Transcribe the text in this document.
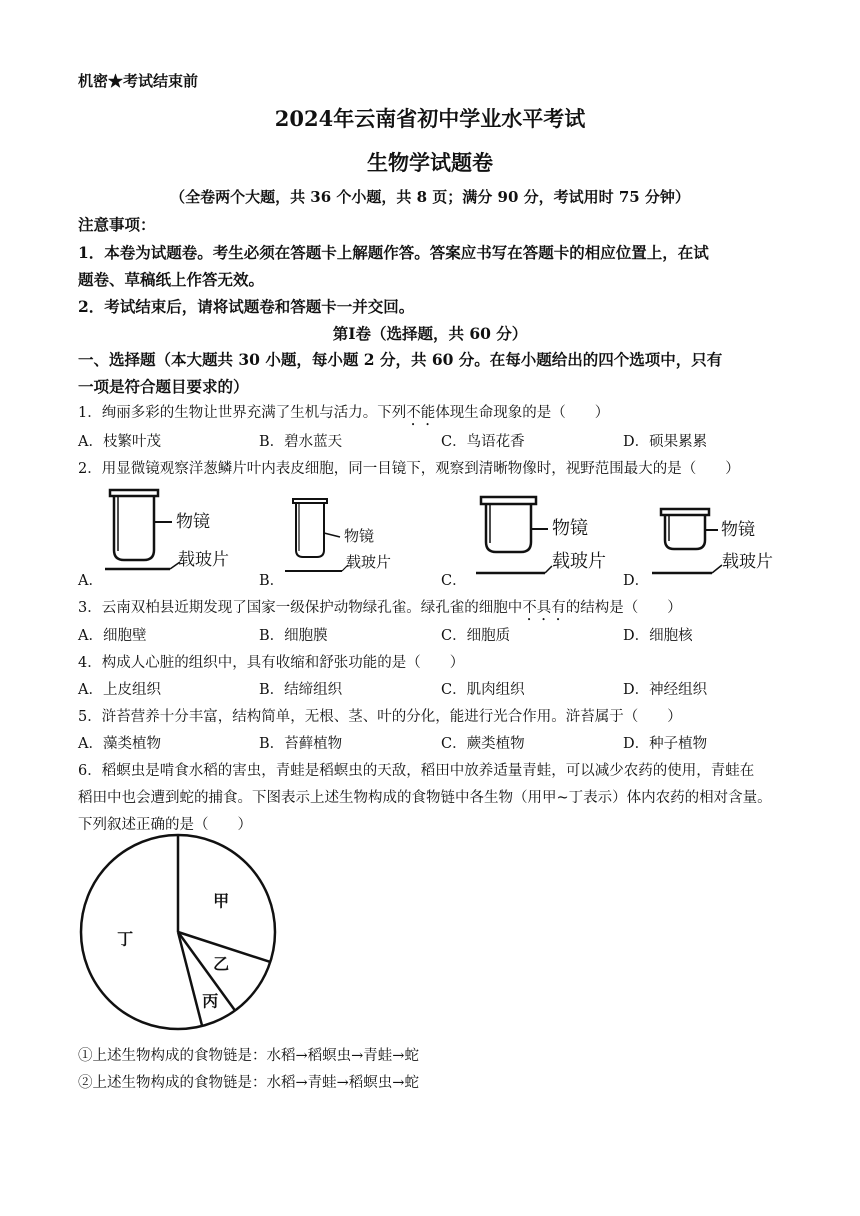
机密★考试结束前
2024年云南省初中学业水平考试
生物学试题卷
（全卷两个大题，共 36 个小题，共 8 页；满分 90 分，考试用时 75 分钟）
注意事项：
1．本卷为试题卷。考生必须在答题卡上解题作答。答案应书写在答题卡的相应位置上，在试
题卷、草稿纸上作答无效。
2．考试结束后，请将试题卷和答题卡一并交回。
第Ⅰ卷（选择题，共 60 分）
一、选择题（本大题共 30 小题，每小题 2 分，共 60 分。在每小题给出的四个选项中，只有
一项是符合题目要求的）
1．绚丽多彩的生物让世界充满了生机与活力。下列不能体现生命现象的是（　　）
A．枝繁叶茂	B．碧水蓝天	C．鸟语花香	D．硕果累累
2．用显微镜观察洋葱鳞片叶内表皮细胞，同一目镜下，观察到清晰物像时，视野范围最大的是（　　）
物镜
载玻片
物镜
载玻片
物镜
载玻片
物镜
载玻片
A．	B．	C．	D．
3．云南双柏县近期发现了国家一级保护动物绿孔雀。绿孔雀的细胞中不具有的结构是（　　）
A．细胞壁	B．细胞膜	C．细胞质	D．细胞核
4．构成人心脏的组织中，具有收缩和舒张功能的是（　　）
A．上皮组织	B．结缔组织	C．肌肉组织	D．神经组织
5．浒苔营养十分丰富，结构简单，无根、茎、叶的分化，能进行光合作用。浒苔属于（　　）
A．藻类植物	B．苔藓植物	C．蕨类植物	D．种子植物
6．稻螟虫是啃食水稻的害虫，青蛙是稻螟虫的天敌，稻田中放养适量青蛙，可以减少农药的使用，青蛙在
稻田中也会遭到蛇的捕食。下图表示上述生物构成的食物链中各生物（用甲~丁表示）体内农药的相对含量。
下列叙述正确的是（　　）
甲
乙
丙
丁
①上述生物构成的食物链是：水稻→稻螟虫→青蛙→蛇
②上述生物构成的食物链是：水稻→青蛙→稻螟虫→蛇
